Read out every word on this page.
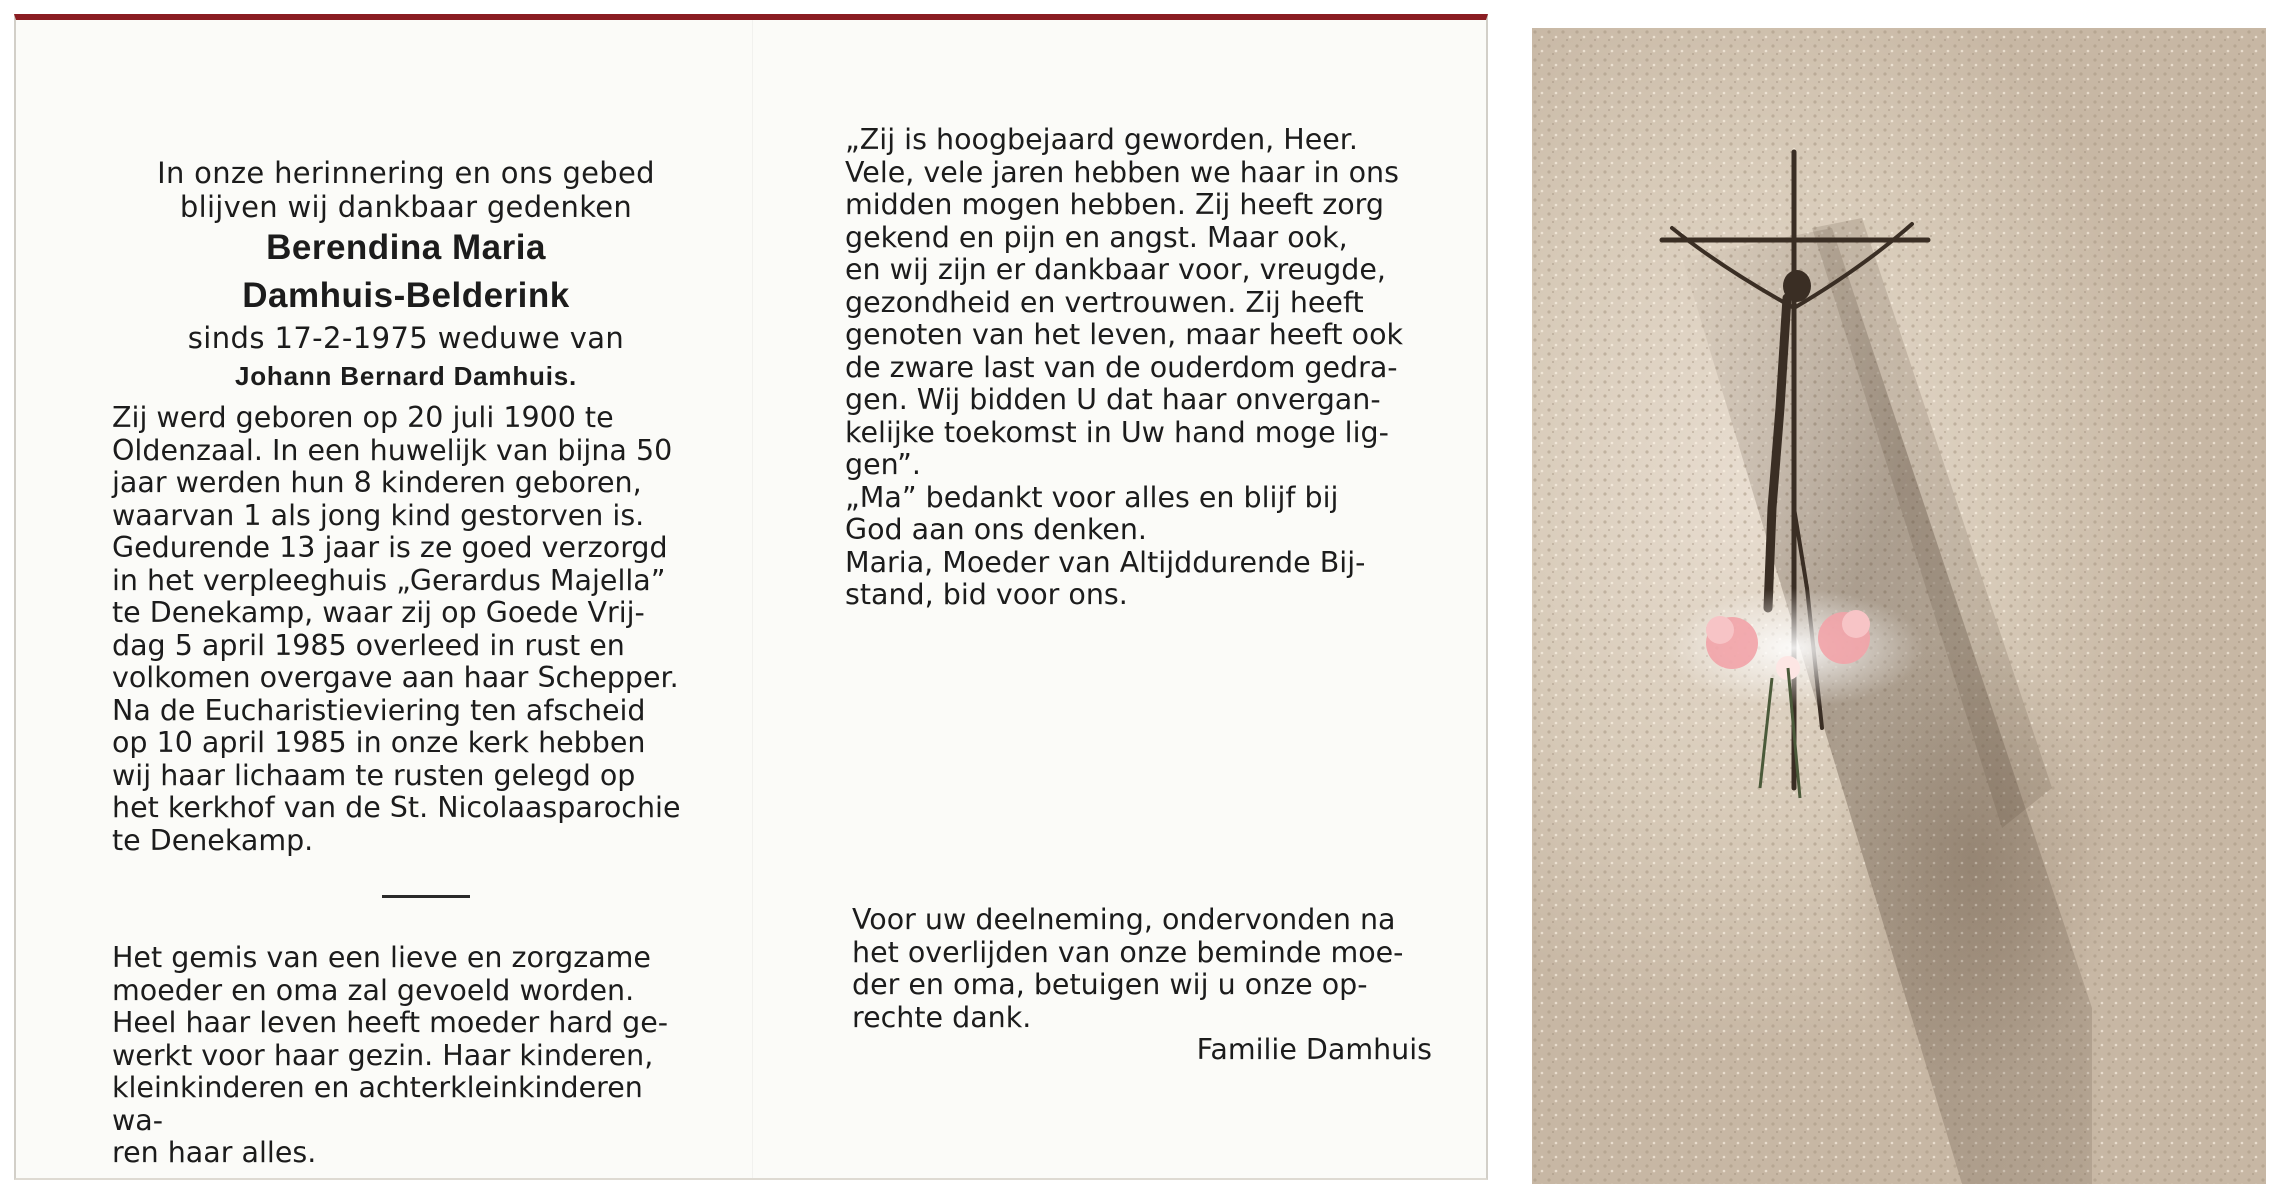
In onze herinnering en ons gebed

blijven wij dankbaar gedenken

Berendina Maria

Damhuis-Belderink

sinds 17-2-1975 weduwe van

Johann Bernard Damhuis.

Zij werd geboren op 20 juli 1900 te

Oldenzaal. In een huwelijk van bijna 50

jaar werden hun 8 kinderen geboren,

waarvan 1 als jong kind gestorven is.

Gedurende 13 jaar is ze goed verzorgd

in het verpleeghuis „Gerardus Majella”

te Denekamp, waar zij op Goede Vrij-

dag 5 april 1985 overleed in rust en

volkomen overgave aan haar Schepper.

Na de Eucharistieviering ten afscheid

op 10 april 1985 in onze kerk hebben

wij haar lichaam te rusten gelegd op

het kerkhof van de St. Nicolaasparochie

te Denekamp.

Het gemis van een lieve en zorgzame

moeder en oma zal gevoeld worden.

Heel haar leven heeft moeder hard ge-

werkt voor haar gezin. Haar kinderen,

kleinkinderen en achterkleinkinderen wa-

ren haar alles.

„Zij is hoogbejaard geworden, Heer.

Vele, vele jaren hebben we haar in ons

midden mogen hebben. Zij heeft zorg

gekend en pijn en angst. Maar ook,

en wij zijn er dankbaar voor, vreugde,

gezondheid en vertrouwen. Zij heeft

genoten van het leven, maar heeft ook

de zware last van de ouderdom gedra-

gen. Wij bidden U dat haar onvergan-

kelijke toekomst in Uw hand moge lig-

gen”.

„Ma” bedankt voor alles en blijf bij

God aan ons denken.

Maria, Moeder van Altijddurende Bij-

stand, bid voor ons.

Voor uw deelneming, ondervonden na

het overlijden van onze beminde moe-

der en oma, betuigen wij u onze op-

rechte dank.

Familie Damhuis
